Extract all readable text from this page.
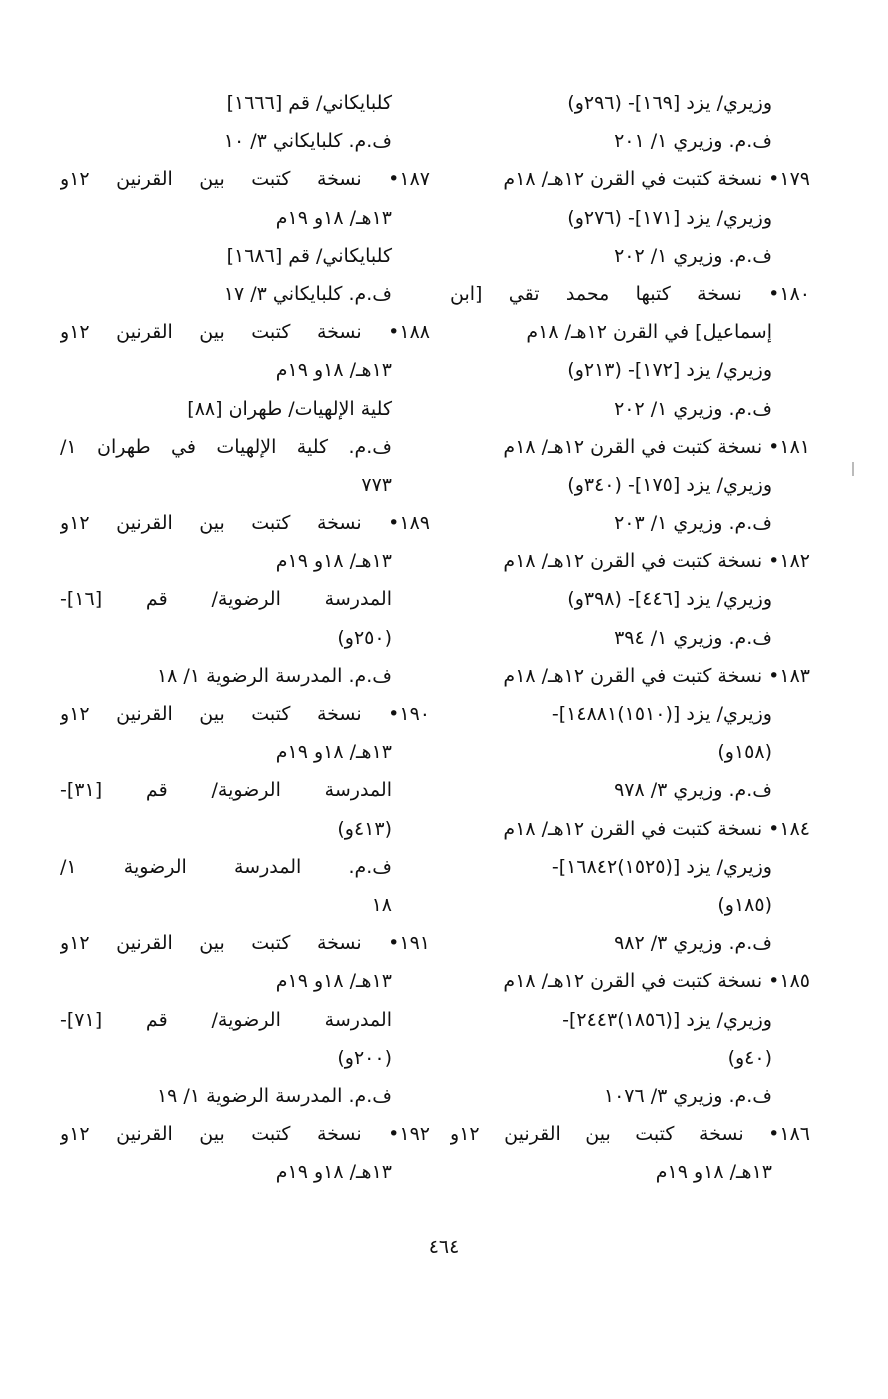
وزيري/ يزد [١٦٩]- (٢٩٦و)
ف.م. وزيري ١/ ٢٠١
١٧٩• نسخة كتبت في القرن ١٢هـ/ ١٨م
وزيري/ يزد [١٧١]- (٢٧٦و)
ف.م. وزيري ١/ ٢٠٢
١٨٠• نسخة كتبها محمد تقي [ابن
إسماعيل] في القرن ١٢هـ/ ١٨م
وزيري/ يزد [١٧٢]- (٢١٣و)
ف.م. وزيري ١/ ٢٠٢
١٨١• نسخة كتبت في القرن ١٢هـ/ ١٨م
وزيري/ يزد [١٧٥]- (٣٤٠و)
ف.م. وزيري ١/ ٢٠٣
١٨٢• نسخة كتبت في القرن ١٢هـ/ ١٨م
وزيري/ يزد [٤٤٦]- (٣٩٨و)
ف.م. وزيري ١/ ٣٩٤
١٨٣• نسخة كتبت في القرن ١٢هـ/ ١٨م
وزيري/ يزد [(١٥١٠)١٤٨٨١]-
(١٥٨و)
ف.م. وزيري ٣/ ٩٧٨
١٨٤• نسخة كتبت في القرن ١٢هـ/ ١٨م
وزيري/ يزد [(١٥٢٥)١٦٨٤٢]-
(١٨٥و)
ف.م. وزيري ٣/ ٩٨٢
١٨٥• نسخة كتبت في القرن ١٢هـ/ ١٨م
وزيري/ يزد [(١٨٥٦)٢٤٤٣]-
(٤٠و)
ف.م. وزيري ٣/ ١٠٧٦
١٨٦• نسخة كتبت بين القرنين ١٢و
١٣هـ/ ١٨و ١٩م
كلبايكاني/ قم [١٦٦٦]
ف.م. كلبايكاني ٣/ ١٠
١٨٧• نسخة كتبت بين القرنين ١٢و
١٣هـ/ ١٨و ١٩م
كلبايكاني/ قم [١٦٨٦]
ف.م. كلبايكاني ٣/ ١٧
١٨٨• نسخة كتبت بين القرنين ١٢و
١٣هـ/ ١٨و ١٩م
كلية الإلهيات/ طهران [٨٨]
ف.م. كلية الإلهيات في طهران ١/
٧٧٣
١٨٩• نسخة كتبت بين القرنين ١٢و
١٣هـ/ ١٨و ١٩م
المدرسة الرضوية/ قم [١٦]-
(٢٥٠و)
ف.م. المدرسة الرضوية ١/ ١٨
١٩٠• نسخة كتبت بين القرنين ١٢و
١٣هـ/ ١٨و ١٩م
المدرسة الرضوية/ قم [٣١]-
(٤١٣و)
ف.م. المدرسة الرضوية ١/
١٨
١٩١• نسخة كتبت بين القرنين ١٢و
١٣هـ/ ١٨و ١٩م
المدرسة الرضوية/ قم [٧١]-
(٢٠٠و)
ف.م. المدرسة الرضوية ١/ ١٩
١٩٢• نسخة كتبت بين القرنين ١٢و
١٣هـ/ ١٨و ١٩م
٤٦٤
